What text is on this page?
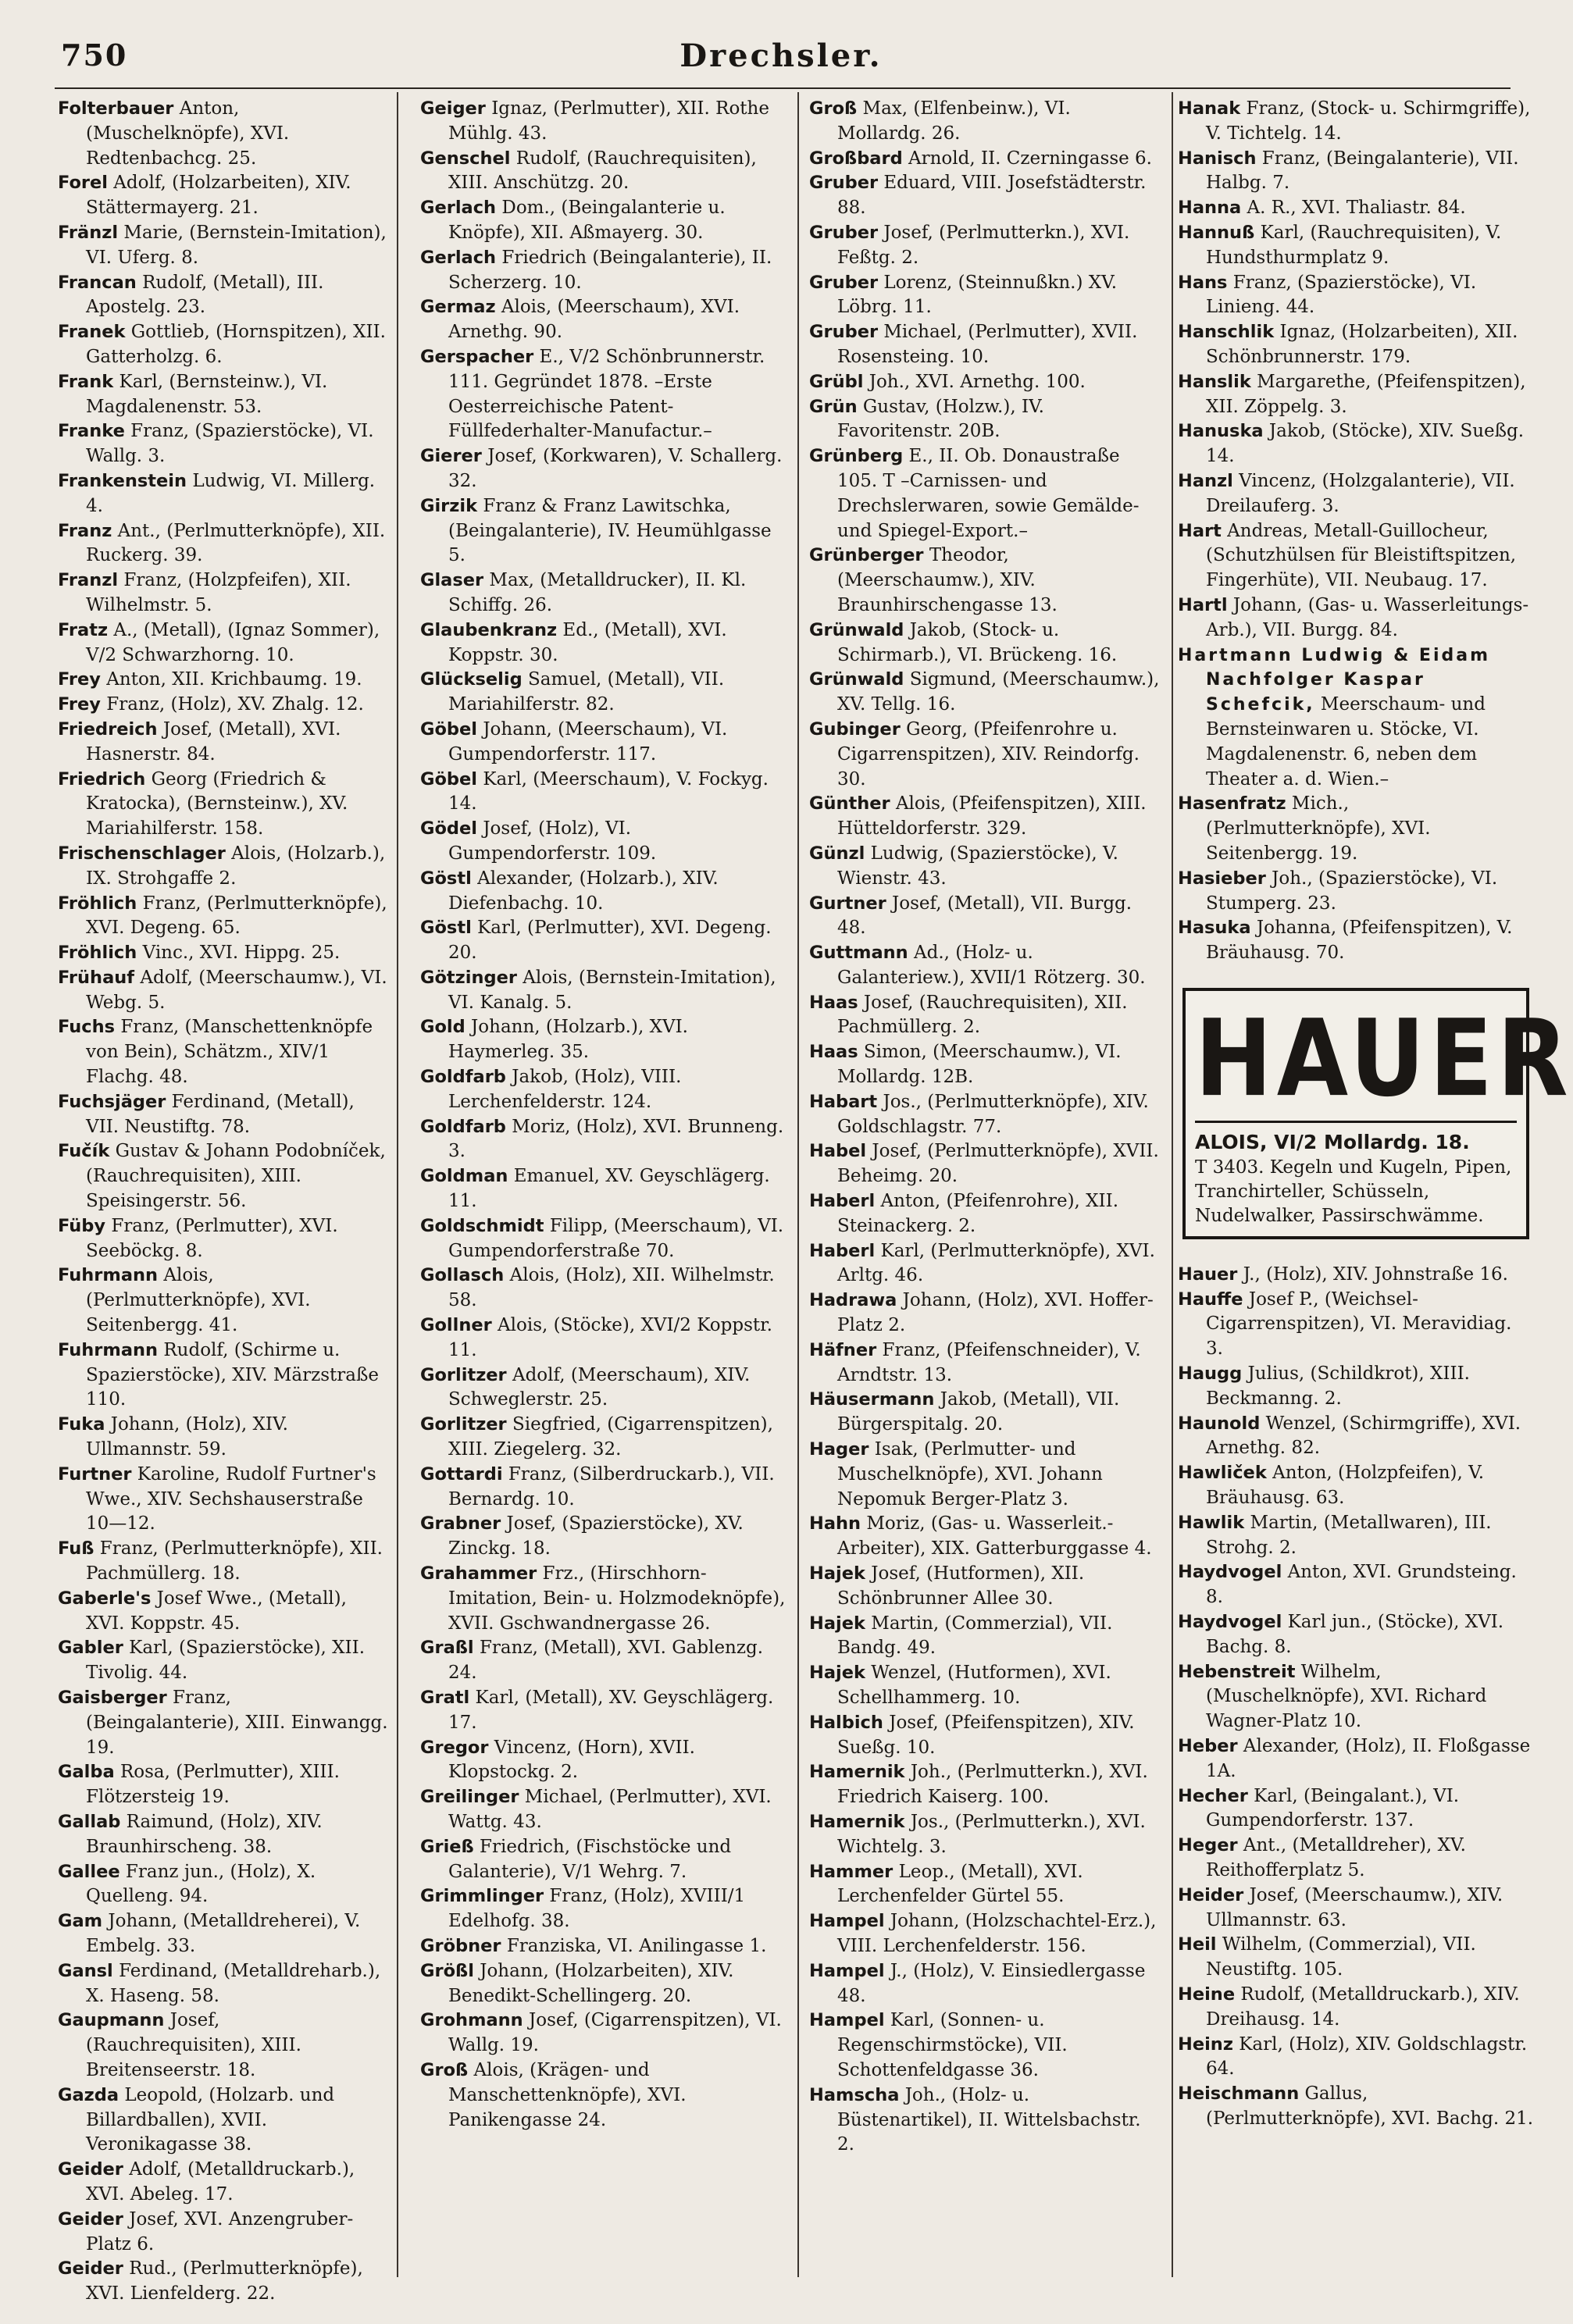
750	Drechsler.

Folterbauer Anton, (Muschelknöpfe), XVI. Redtenbachcg. 25.

Forel Adolf, (Holzarbeiten), XIV. Stättermayerg. 21.

Fränzl Marie, (Bernstein-Imitation), VI. Uferg. 8.

Francan Rudolf, (Metall), III. Apostelg. 23.

Franek Gottlieb, (Hornspitzen), XII. Gatterholzg. 6.

Frank Karl, (Bernsteinw.), VI. Magdalenenstr. 53.

Franke Franz, (Spazierstöcke), VI. Wallg. 3.

Frankenstein Ludwig, VI. Millerg. 4.

Franz Ant., (Perlmutterknöpfe), XII. Ruckerg. 39.

Franzl Franz, (Holzpfeifen), XII. Wilhelmstr. 5.

Fratz A., (Metall), (Ignaz Sommer), V/2 Schwarzhorng. 10.

Frey Anton, XII. Krichbaumg. 19.

Frey Franz, (Holz), XV. Zhalg. 12.

Friedreich Josef, (Metall), XVI. Hasnerstr. 84.

Friedrich Georg (Friedrich & Kratocka), (Bernsteinw.), XV. Mariahilferstr. 158.

Frischenschlager Alois, (Holzarb.), IX. Strohgaffe 2.

Fröhlich Franz, (Perlmutterknöpfe), XVI. Degeng. 65.

Fröhlich Vinc., XVI. Hippg. 25.

Frühauf Adolf, (Meerschaumw.), VI. Webg. 5.

Fuchs Franz, (Manschettenknöpfe von Bein), Schätzm., XIV/1 Flachg. 48.

Fuchsjäger Ferdinand, (Metall), VII. Neustiftg. 78.

Fučík Gustav & Johann Podobníček, (Rauchrequisiten), XIII. Speisingerstr. 56.

Füby Franz, (Perlmutter), XVI. Seeböckg. 8.

Fuhrmann Alois, (Perlmutterknöpfe), XVI. Seitenbergg. 41.

Fuhrmann Rudolf, (Schirme u. Spazierstöcke), XIV. Märzstraße 110.

Fuka Johann, (Holz), XIV. Ullmannstr. 59.

Furtner Karoline, Rudolf Furtner's Wwe., XIV. Sechshauserstraße 10—12.

Fuß Franz, (Perlmutterknöpfe), XII. Pachmüllerg. 18.

Gaberle's Josef Wwe., (Metall), XVI. Koppstr. 45.

Gabler Karl, (Spazierstöcke), XII. Tivolig. 44.

Gaisberger Franz, (Beingalanterie), XIII. Einwangg. 19.

Galba Rosa, (Perlmutter), XIII. Flötzersteig 19.

Gallab Raimund, (Holz), XIV. Braunhirscheng. 38.

Gallee Franz jun., (Holz), X. Quelleng. 94.

Gam Johann, (Metalldreherei), V. Embelg. 33.

Gansl Ferdinand, (Metalldreharb.), X. Haseng. 58.

Gaupmann Josef, (Rauchrequisiten), XIII. Breitenseerstr. 18.

Gazda Leopold, (Holzarb. und Billardballen), XVII. Veronikagasse 38.

Geider Adolf, (Metalldruckarb.), XVI. Abeleg. 17.

Geider Josef, XVI. Anzengruber-Platz 6.

Geider Rud., (Perlmutterknöpfe), XVI. Lienfelderg. 22.

Geiger Ignaz, (Perlmutter), XII. Rothe Mühlg. 43.

Genschel Rudolf, (Rauchrequisiten), XIII. Anschützg. 20.

Gerlach Dom., (Beingalanterie u. Knöpfe), XII. Aßmayerg. 30.

Gerlach Friedrich (Beingalanterie), II. Scherzerg. 10.

Germaz Alois, (Meerschaum), XVI. Arnethg. 90.

Gerspacher E., V/2 Schönbrunnerstr. 111. Gegründet 1878. –Erste Oesterreichische Patent-Füllfederhalter-Manufactur.–

Gierer Josef, (Korkwaren), V. Schallerg. 32.

Girzik Franz & Franz Lawitschka, (Beingalanterie), IV. Heumühlgasse 5.

Glaser Max, (Metalldrucker), II. Kl. Schiffg. 26.

Glaubenkranz Ed., (Metall), XVI. Koppstr. 30.

Glückselig Samuel, (Metall), VII. Mariahilferstr. 82.

Göbel Johann, (Meerschaum), VI. Gumpendorferstr. 117.

Göbel Karl, (Meerschaum), V. Fockyg. 14.

Gödel Josef, (Holz), VI. Gumpendorferstr. 109.

Göstl Alexander, (Holzarb.), XIV. Diefenbachg. 10.

Göstl Karl, (Perlmutter), XVI. Degeng. 20.

Götzinger Alois, (Bernstein-Imitation), VI. Kanalg. 5.

Gold Johann, (Holzarb.), XVI. Haymerleg. 35.

Goldfarb Jakob, (Holz), VIII. Lerchenfelderstr. 124.

Goldfarb Moriz, (Holz), XVI. Brunneng. 3.

Goldman Emanuel, XV. Geyschlägerg. 11.

Goldschmidt Filipp, (Meerschaum), VI. Gumpendorferstraße 70.

Gollasch Alois, (Holz), XII. Wilhelmstr. 58.

Gollner Alois, (Stöcke), XVI/2 Koppstr. 11.

Gorlitzer Adolf, (Meerschaum), XIV. Schweglerstr. 25.

Gorlitzer Siegfried, (Cigarrenspitzen), XIII. Ziegelerg. 32.

Gottardi Franz, (Silberdruckarb.), VII. Bernardg. 10.

Grabner Josef, (Spazierstöcke), XV. Zinckg. 18.

Grahammer Frz., (Hirschhorn-Imitation, Bein- u. Holzmodeknöpfe), XVII. Gschwandnergasse 26.

Graßl Franz, (Metall), XVI. Gablenzg. 24.

Gratl Karl, (Metall), XV. Geyschlägerg. 17.

Gregor Vincenz, (Horn), XVII. Klopstockg. 2.

Greilinger Michael, (Perlmutter), XVI. Wattg. 43.

Grieß Friedrich, (Fischstöcke und Galanterie), V/1 Wehrg. 7.

Grimmlinger Franz, (Holz), XVIII/1 Edelhofg. 38.

Gröbner Franziska, VI. Anilingasse 1.

Größl Johann, (Holzarbeiten), XIV. Benedikt-Schellingerg. 20.

Grohmann Josef, (Cigarrenspitzen), VI. Wallg. 19.

Groß Alois, (Krägen- und Manschettenknöpfe), XVI. Panikengasse 24.

Groß Max, (Elfenbeinw.), VI. Mollardg. 26.

Großbard Arnold, II. Czerningasse 6.

Gruber Eduard, VIII. Josefstädterstr. 88.

Gruber Josef, (Perlmutterkn.), XVI. Feßtg. 2.

Gruber Lorenz, (Steinnußkn.) XV. Löbrg. 11.

Gruber Michael, (Perlmutter), XVII. Rosensteing. 10.

Grübl Joh., XVI. Arnethg. 100.

Grün Gustav, (Holzw.), IV. Favoritenstr. 20B.

Grünberg E., II. Ob. Donaustraße 105. T –Carnissen- und Drechslerwaren, sowie Gemälde- und Spiegel-Export.–

Grünberger Theodor, (Meerschaumw.), XIV. Braunhirschengasse 13.

Grünwald Jakob, (Stock- u. Schirmarb.), VI. Brückeng. 16.

Grünwald Sigmund, (Meerschaumw.), XV. Tellg. 16.

Gubinger Georg, (Pfeifenrohre u. Cigarrenspitzen), XIV. Reindorfg. 30.

Günther Alois, (Pfeifenspitzen), XIII. Hütteldorferstr. 329.

Günzl Ludwig, (Spazierstöcke), V. Wienstr. 43.

Gurtner Josef, (Metall), VII. Burgg. 48.

Guttmann Ad., (Holz- u. Galanteriew.), XVII/1 Rötzerg. 30.

Haas Josef, (Rauchrequisiten), XII. Pachmüllerg. 2.

Haas Simon, (Meerschaumw.), VI. Mollardg. 12B.

Habart Jos., (Perlmutterknöpfe), XIV. Goldschlagstr. 77.

Habel Josef, (Perlmutterknöpfe), XVII. Beheimg. 20.

Haberl Anton, (Pfeifenrohre), XII. Steinackerg. 2.

Haberl Karl, (Perlmutterknöpfe), XVI. Arltg. 46.

Hadrawa Johann, (Holz), XVI. Hoffer-Platz 2.

Häfner Franz, (Pfeifenschneider), V. Arndtstr. 13.

Häusermann Jakob, (Metall), VII. Bürgerspitalg. 20.

Hager Isak, (Perlmutter- und Muschelknöpfe), XVI. Johann Nepomuk Berger-Platz 3.

Hahn Moriz, (Gas- u. Wasserleit.-Arbeiter), XIX. Gatterburggasse 4.

Hajek Josef, (Hutformen), XII. Schönbrunner Allee 30.

Hajek Martin, (Commerzial), VII. Bandg. 49.

Hajek Wenzel, (Hutformen), XVI. Schellhammerg. 10.

Halbich Josef, (Pfeifenspitzen), XIV. Sueßg. 10.

Hamernik Joh., (Perlmutterkn.), XVI. Friedrich Kaiserg. 100.

Hamernik Jos., (Perlmutterkn.), XVI. Wichtelg. 3.

Hammer Leop., (Metall), XVI. Lerchenfelder Gürtel 55.

Hampel Johann, (Holzschachtel-Erz.), VIII. Lerchenfelderstr. 156.

Hampel J., (Holz), V. Einsiedlergasse 48.

Hampel Karl, (Sonnen- u. Regenschirmstöcke), VII. Schottenfeldgasse 36.

Hamscha Joh., (Holz- u. Büstenartikel), II. Wittelsbachstr. 2.

Hanak Franz, (Stock- u. Schirmgriffe), V. Tichtelg. 14.

Hanisch Franz, (Beingalanterie), VII. Halbg. 7.

Hanna A. R., XVI. Thaliastr. 84.

Hannuß Karl, (Rauchrequisiten), V. Hundsthurmplatz 9.

Hans Franz, (Spazierstöcke), VI. Linieng. 44.

Hanschlik Ignaz, (Holzarbeiten), XII. Schönbrunnerstr. 179.

Hanslik Margarethe, (Pfeifenspitzen), XII. Zöppelg. 3.

Hanuska Jakob, (Stöcke), XIV. Sueßg. 14.

Hanzl Vincenz, (Holzgalanterie), VII. Dreilauferg. 3.

Hart Andreas, Metall-Guillocheur, (Schutzhülsen für Bleistiftspitzen, Fingerhüte), VII. Neubaug. 17.

Hartl Johann, (Gas- u. Wasserleitungs-Arb.), VII. Burgg. 84.

Hartmann Ludwig & Eidam Nachfolger Kaspar Schefcik, Meerschaum- und Bernsteinwaren u. Stöcke, VI. Magdalenenstr. 6, neben dem Theater a. d. Wien.–

Hasenfratz Mich., (Perlmutterknöpfe), XVI. Seitenbergg. 19.

Hasieber Joh., (Spazierstöcke), VI. Stumperg. 23.

Hasuka Johanna, (Pfeifenspitzen), V. Bräuhausg. 70.

HAUER
ALOIS, VI/2 Mollardg. 18.
T 3403. Kegeln und Kugeln, Pipen, Tranchirteller, Schüsseln, Nudelwalker, Passirschwämme.

Hauer J., (Holz), XIV. Johnstraße 16.

Hauffe Josef P., (Weichsel-Cigarrenspitzen), VI. Meravidiag. 3.

Haugg Julius, (Schildkrot), XIII. Beckmanng. 2.

Haunold Wenzel, (Schirmgriffe), XVI. Arnethg. 82.

Hawliček Anton, (Holzpfeifen), V. Bräuhausg. 63.

Hawlik Martin, (Metallwaren), III. Strohg. 2.

Haydvogel Anton, XVI. Grundsteing. 8.

Haydvogel Karl jun., (Stöcke), XVI. Bachg. 8.

Hebenstreit Wilhelm, (Muschelknöpfe), XVI. Richard Wagner-Platz 10.

Heber Alexander, (Holz), II. Floßgasse 1A.

Hecher Karl, (Beingalant.), VI. Gumpendorferstr. 137.

Heger Ant., (Metalldreher), XV. Reithofferplatz 5.

Heider Josef, (Meerschaumw.), XIV. Ullmannstr. 63.

Heil Wilhelm, (Commerzial), VII. Neustiftg. 105.

Heine Rudolf, (Metalldruckarb.), XIV. Dreihausg. 14.

Heinz Karl, (Holz), XIV. Goldschlagstr. 64.

Heischmann Gallus, (Perlmutterknöpfe), XVI. Bachg. 21.
